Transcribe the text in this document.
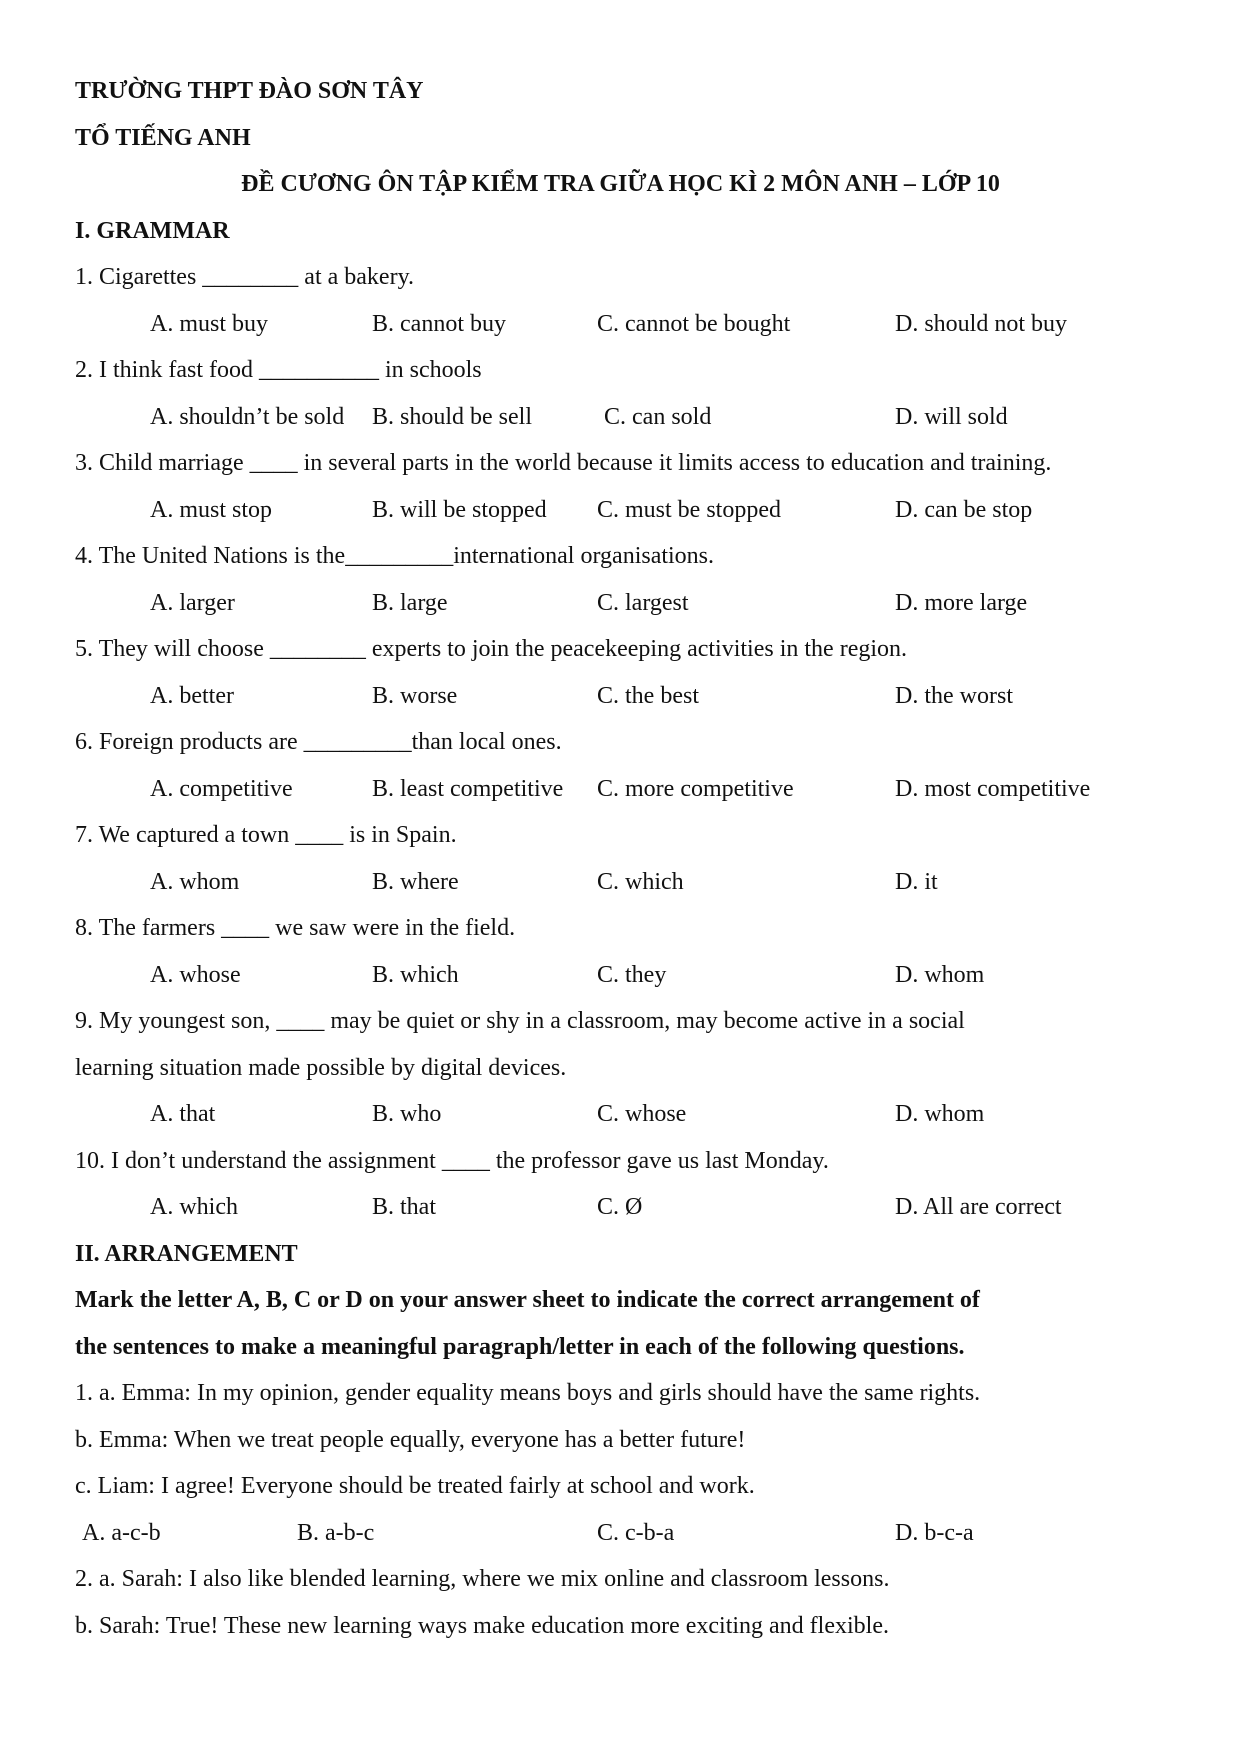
TRƯỜNG THPT ĐÀO SƠN TÂY
TỔ TIẾNG ANH
ĐỀ CƯƠNG ÔN TẬP KIỂM TRA GIỮA HỌC KÌ 2 MÔN ANH – LỚP 10
I. GRAMMAR
1. Cigarettes ________ at a bakery.
A. must buy	B. cannot buy	C. cannot be bought	D. should not buy
2. I think fast food __________ in schools
A. shouldn’t be sold B. should be sell	C. can sold	D. will sold
3. Child marriage ____ in several parts in the world because it limits access to education and training.
A. must stop	B. will be stopped C. must be stopped	D. can be stop
4. The United Nations is the_________international organisations.
A. larger	B. large	C. largest	D. more large
5. They will choose ________ experts to join the peacekeeping activities in the region.
A. better	B. worse	C. the best	D. the worst
6. Foreign products are _________than local ones.
A. competitive	B. least competitive C. more competitive	D. most competitive
7. We captured a town ____ is in Spain.
A. whom	B. where	C. which	D. it
8. The farmers ____ we saw were in the field.
A. whose	B. which	C. they	D. whom
9. My youngest son, ____ may be quiet or shy in a classroom, may become active in a social
learning situation made possible by digital devices.
A. that	B. who	C. whose	D. whom
10. I don’t understand the assignment ____ the professor gave us last Monday.
A. which	B. that	C. Ø	D. All are correct
II. ARRANGEMENT
Mark the letter A, B, C or D on your answer sheet to indicate the correct arrangement of
the sentences to make a meaningful paragraph/letter in each of the following questions.
1. a. Emma: In my opinion, gender equality means boys and girls should have the same rights.
b. Emma: When we treat people equally, everyone has a better future!
c. Liam: I agree! Everyone should be treated fairly at school and work.
A. a-c-b	B. a-b-c	C. c-b-a	D. b-c-a
2. a. Sarah: I also like blended learning, where we mix online and classroom lessons.
b. Sarah: True! These new learning ways make education more exciting and flexible.
